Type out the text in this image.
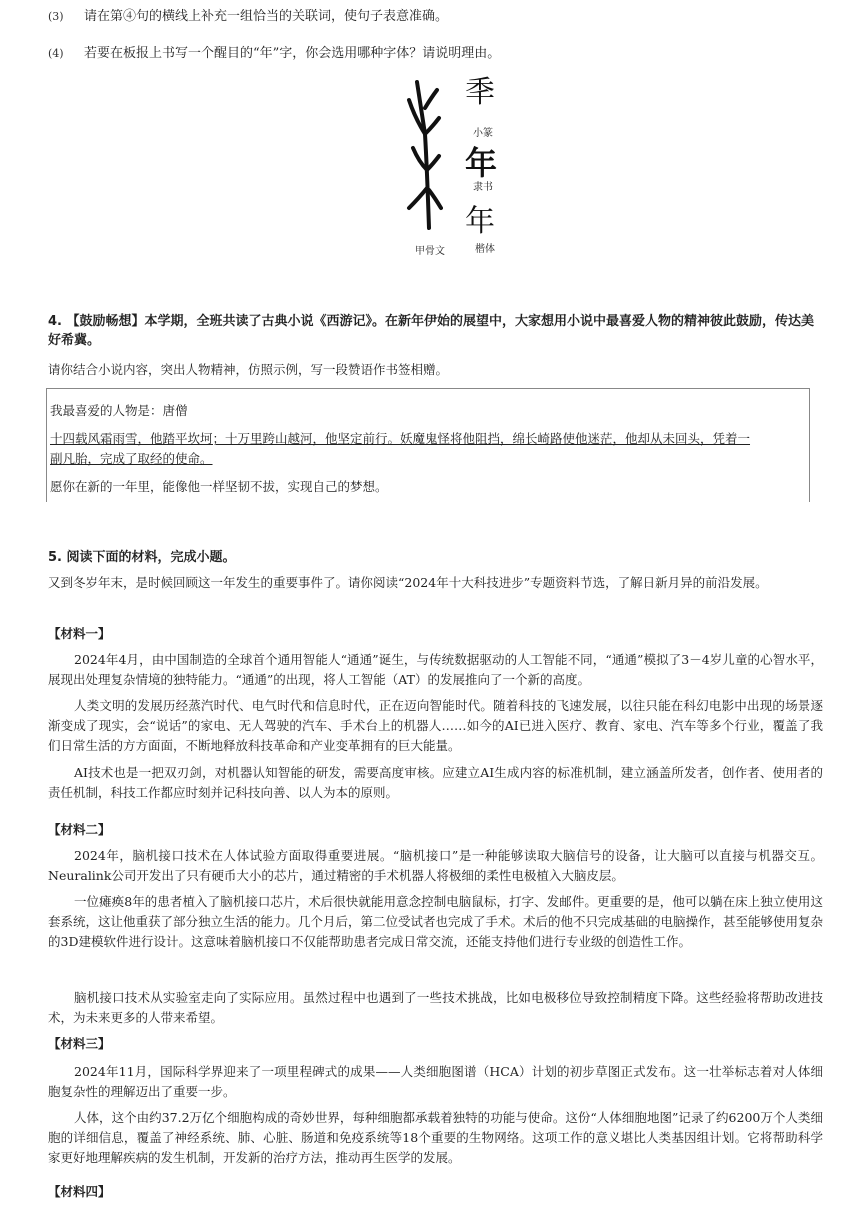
(3) 请在第④句的横线上补充一组恰当的关联词，使句子表意准确。
(4) 若要在板报上书写一个醒目的“年”字，你会选用哪种字体？请说明理由。
秊
小篆
年
隶书
年
甲骨文	楷体
4. 【鼓励畅想】本学期，全班共读了古典小说《西游记》。在新年伊始的展望中，大家想用小说中最喜爱人物的精神彼此鼓励，传达美好希冀。
请你结合小说内容，突出人物精神，仿照示例，写一段赞语作书签相赠。
我最喜爱的人物是：唐僧
十四载风霜雨雪，他踏平坎坷；十万里跨山越河，他坚定前行。妖魔鬼怪将他阻挡，绵长崎路使他迷茫，他却从未回头，凭着一
副凡胎，完成了取经的使命。
愿你在新的一年里，能像他一样坚韧不拔，实现自己的梦想。
5. 阅读下面的材料，完成小题。
又到冬岁年末，是时候回顾这一年发生的重要事件了。请你阅读“2024年十大科技进步”专题资料节选，了解日新月异的前沿发展。
【材料一】
2024年4月，由中国制造的全球首个通用智能人“通通”诞生，与传统数据驱动的人工智能不同，“通通”模拟了3－4岁儿童的心智水平，展现出处理复杂情境的独特能力。“通通”的出现，将人工智能（AT）的发展推向了一个新的高度。
人类文明的发展历经蒸汽时代、电气时代和信息时代，正在迈向智能时代。随着科技的飞速发展，以往只能在科幻电影中出现的场景逐渐变成了现实，会“说话”的家电、无人驾驶的汽车、手术台上的机器人……如今的AI已进入医疗、教育、家电、汽车等多个行业，覆盖了我们日常生活的方方面面，不断地释放科技革命和产业变革拥有的巨大能量。
AI技术也是一把双刃剑，对机器认知智能的研发，需要高度审核。应建立AI生成内容的标准机制，建立涵盖所发者，创作者、使用者的责任机制，科技工作都应时刻并记科技向善、以人为本的原则。
【材料二】
2024年，脑机接口技术在人体试验方面取得重要进展。“脑机接口”是一种能够读取大脑信号的设备，让大脑可以直接与机器交互。Neuralink公司开发出了只有硬币大小的芯片，通过精密的手术机器人将极细的柔性电极植入大脑皮层。
一位瘫痪8年的患者植入了脑机接口芯片，术后很快就能用意念控制电脑鼠标，打字、发邮件。更重要的是，他可以躺在床上独立使用这套系统，这让他重获了部分独立生活的能力。几个月后，第二位受试者也完成了手术。术后的他不只完成基础的电脑操作，甚至能够使用复杂的3D建模软件进行设计。这意味着脑机接口不仅能帮助患者完成日常交流，还能支持他们进行专业级的创造性工作。
脑机接口技术从实验室走向了实际应用。虽然过程中也遇到了一些技术挑战，比如电极移位导致控制精度下降。这些经验将帮助改进技术，为未来更多的人带来希望。
【材料三】
2024年11月，国际科学界迎来了一项里程碑式的成果——人类细胞图谱（HCA）计划的初步草图正式发布。这一壮举标志着对人体细胞复杂性的理解迈出了重要一步。
人体，这个由约37.2万亿个细胞构成的奇妙世界，每种细胞都承载着独特的功能与使命。这份“人体细胞地图”记录了约6200万个人类细胞的详细信息，覆盖了神经系统、肺、心脏、肠道和免疫系统等18个重要的生物网络。这项工作的意义堪比人类基因组计划。它将帮助科学家更好地理解疾病的发生机制，开发新的治疗方法，推动再生医学的发展。
【材料四】
